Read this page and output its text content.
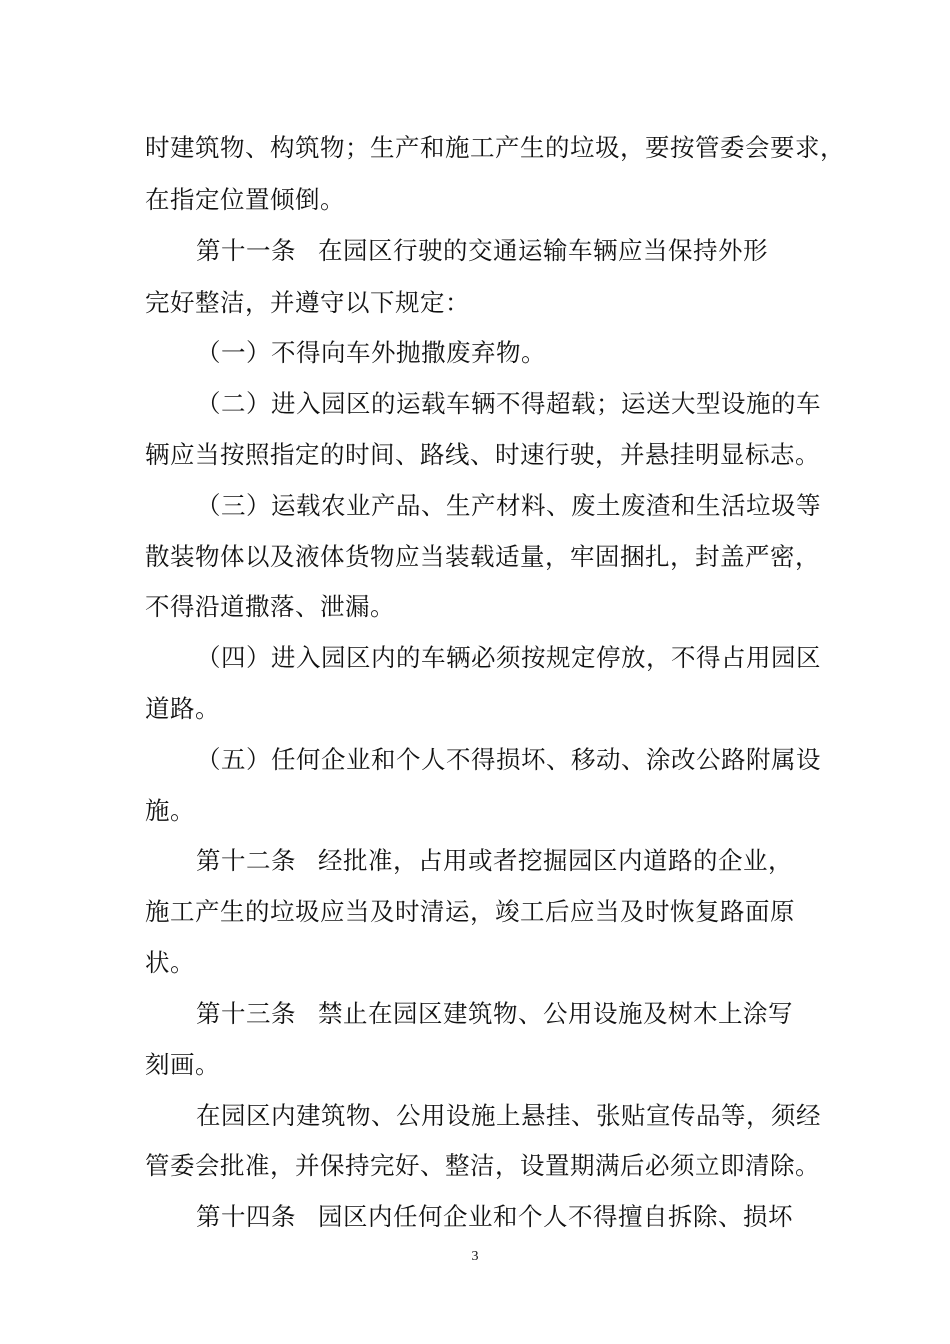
时建筑物、构筑物；生产和施工产生的垃圾，要按管委会要求，
在指定位置倾倒。
第十一条 在园区行驶的交通运输车辆应当保持外形
完好整洁，并遵守以下规定：
（一）不得向车外抛撒废弃物。
（二）进入园区的运载车辆不得超载；运送大型设施的车
辆应当按照指定的时间、路线、时速行驶，并悬挂明显标志。
（三）运载农业产品、生产材料、废土废渣和生活垃圾等
散装物体以及液体货物应当装载适量，牢固捆扎，封盖严密，
不得沿道撒落、泄漏。
（四）进入园区内的车辆必须按规定停放，不得占用园区
道路。
（五）任何企业和个人不得损坏、移动、涂改公路附属设
施。
第十二条 经批准，占用或者挖掘园区内道路的企业，
施工产生的垃圾应当及时清运，竣工后应当及时恢复路面原
状。
第十三条 禁止在园区建筑物、公用设施及树木上涂写
刻画。
在园区内建筑物、公用设施上悬挂、张贴宣传品等，须经
管委会批准，并保持完好、整洁，设置期满后必须立即清除。
第十四条 园区内任何企业和个人不得擅自拆除、损坏
3
